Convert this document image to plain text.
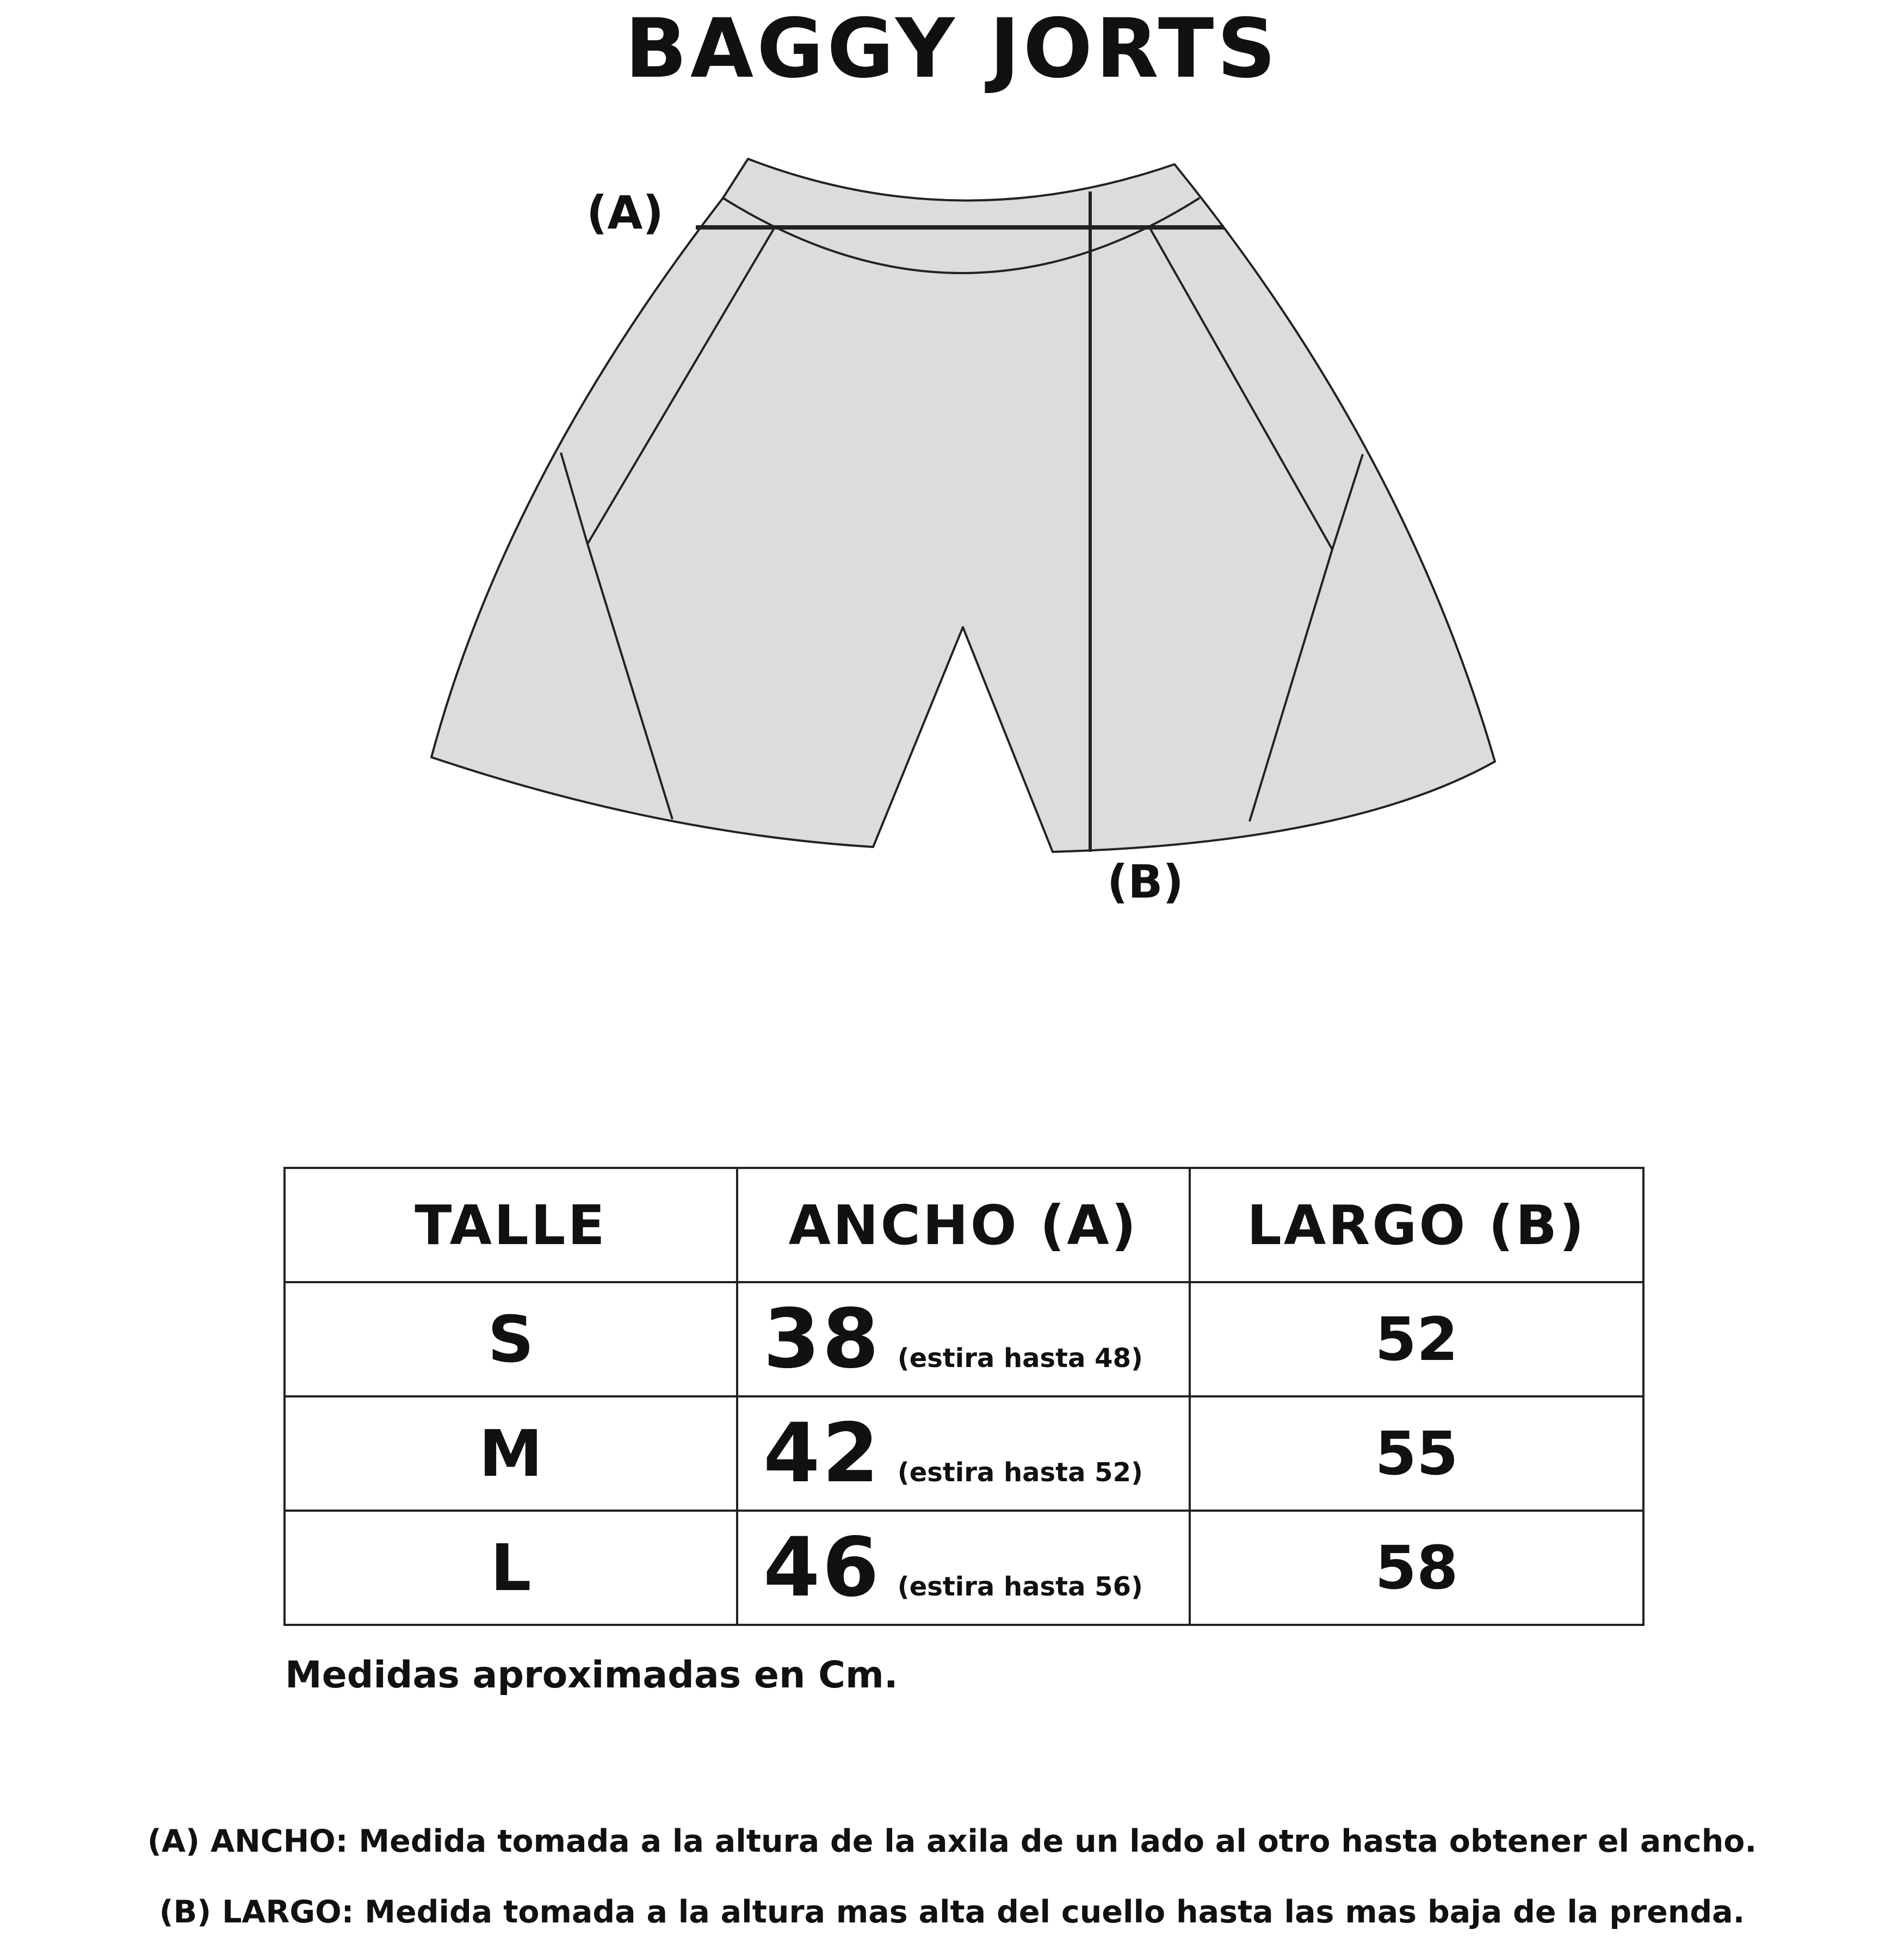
BAGGY JORTS
(A)
(B)
TALLE	ANCHO (A)	LARGO (B)
S	38 (estira hasta 48)	52
M	42 (estira hasta 52)	55
L	46 (estira hasta 56)	58
Medidas aproximadas en Cm.
(A) ANCHO: Medida tomada a la altura de la axila de un lado al otro hasta obtener el ancho.
(B) LARGO: Medida tomada a la altura mas alta del cuello hasta las mas baja de la prenda.
